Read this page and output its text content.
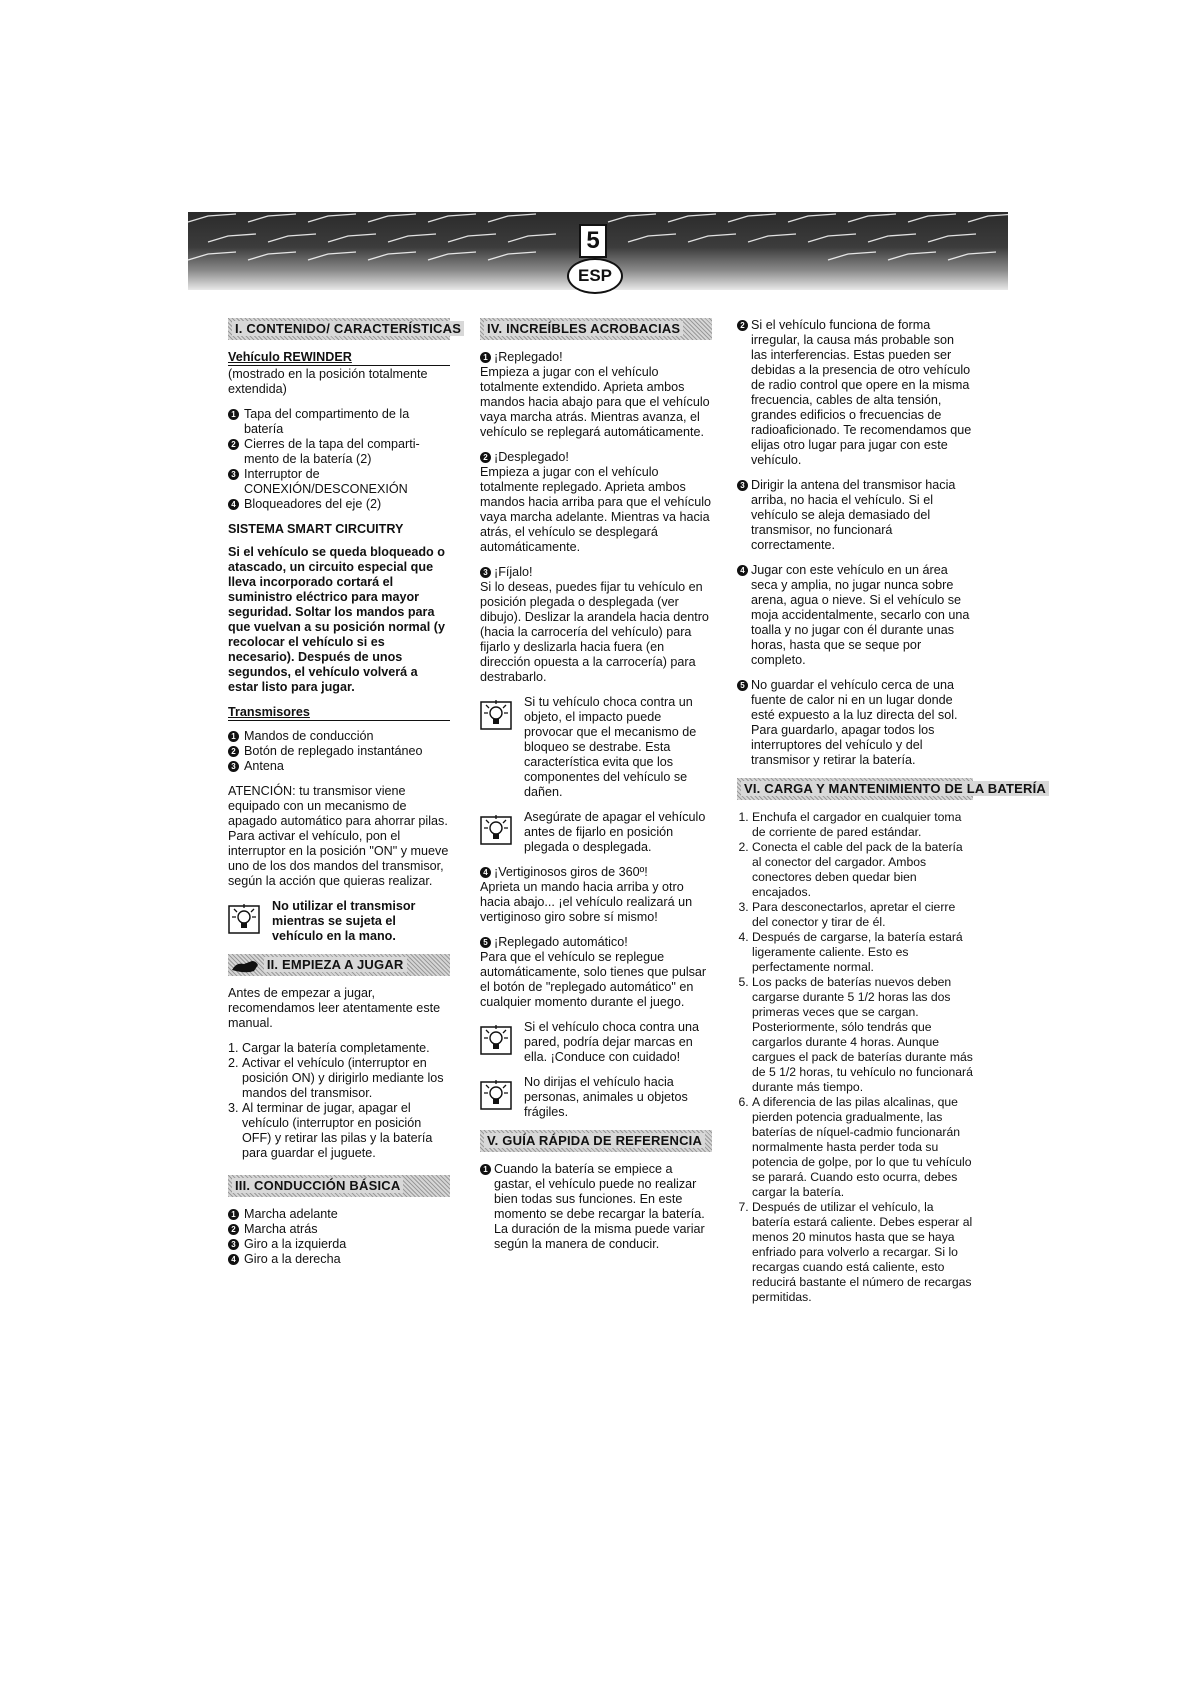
5
ESP
I. CONTENIDO/ CARACTERÍSTICAS
Vehículo REWINDER

(mostrado en la posición totalmente extendida)

1 Tapa del compartimento de la batería
2 Cierres de la tapa del comparti- mento de la batería (2)
3 Interruptor de CONEXIÓN/DESCONEXIÓN
4 Bloqueadores del eje (2)
SISTEMA SMART CIRCUITRY

Si el vehículo se queda bloqueado o atascado, un circuito especial que lleva incorporado cortará el suministro eléctrico para mayor seguridad. Soltar los mandos para que vuelvan a su posición normal (y recolocar el vehículo si es necesario). Después de unos segundos, el vehículo volverá a estar listo para jugar.

Transmisores
1 Mandos de conducción
2 Botón de replegado instantáneo
3 Antena

ATENCIÓN: tu transmisor viene equipado con un mecanismo de apagado automático para ahorrar pilas. Para activar el vehículo, pon el interruptor en la posición "ON" y mueve uno de los dos mandos del transmisor, según la acción que quieras realizar.

No utilizar el transmisor mientras se sujeta el vehículo en la mano.
II. EMPIEZA A JUGAR

Antes de empezar a jugar, recomendamos leer atentamente este manual.

1. Cargar la batería completamente.
2. Activar el vehículo (interruptor en posición ON) y dirigirlo mediante los mandos del transmisor.
3. Al terminar de jugar, apagar el vehículo (interruptor en posición OFF) y retirar las pilas y la batería para guardar el juguete.
III. CONDUCCIÓN BÁSICA
1 Marcha adelante
2 Marcha atrás
3 Giro a la izquierda
4 Giro a la derecha
IV. INCREÍBLES ACROBACIAS
1 ¡Replegado!

Empieza a jugar con el vehículo totalmente extendido. Aprieta ambos mandos hacia abajo para que el vehículo vaya marcha atrás. Mientras avanza, el vehículo se replegará automáticamente.

2 ¡Desplegado!

Empieza a jugar con el vehículo totalmente replegado. Aprieta ambos mandos hacia arriba para que el vehículo vaya marcha adelante. Mientras va hacia atrás, el vehículo se desplegará automáticamente.

3 ¡Fíjalo!

Si lo deseas, puedes fijar tu vehículo en posición plegada o desplegada (ver dibujo). Deslizar la arandela hacia dentro (hacia la carrocería del vehículo) para fijarlo y deslizarla hacia fuera (en dirección opuesta a la carrocería) para destrabarlo.

Si tu vehículo choca contra un objeto, el impacto puede provocar que el mecanismo de bloqueo se destrabe. Esta característica evita que los componentes del vehículo se dañen.
Asegúrate de apagar el vehículo antes de fijarlo en posición plegada o desplegada.
4 ¡Vertiginosos giros de 360º!

Aprieta un mando hacia arriba y otro hacia abajo... ¡el vehículo realizará un vertiginoso giro sobre sí mismo!

5 ¡Replegado automático!

Para que el vehículo se replegue automáticamente, solo tienes que pulsar el botón de "replegado automático" en cualquier momento durante el juego.

Si el vehículo choca contra una pared, podría dejar marcas en ella. ¡Conduce con cuidado!
No dirijas el vehículo hacia personas, animales u objetos frágiles.
V. GUÍA RÁPIDA DE REFERENCIA
1 Cuando la batería se empiece a gastar, el vehículo puede no realizar bien todas sus funciones. En este momento se debe recargar la batería. La duración de la misma puede variar según la manera de conducir.
2 Si el vehículo funciona de forma irregular, la causa más probable son las interferencias. Estas pueden ser debidas a la presencia de otro vehículo de radio control que opere en la misma frecuencia, cables de alta tensión, grandes edificios o frecuencias de radioaficionado. Te recomendamos que elijas otro lugar para jugar con este vehículo.
3 Dirigir la antena del transmisor hacia arriba, no hacia el vehículo. Si el vehículo se aleja demasiado del transmisor, no funcionará correctamente.
4 Jugar con este vehículo en un área seca y amplia, no jugar nunca sobre arena, agua o nieve. Si el vehículo se moja accidentalmente, secarlo con una toalla y no jugar con él durante unas horas, hasta que se seque por completo.
5 No guardar el vehículo cerca de una fuente de calor ni en un lugar donde esté expuesto a la luz directa del sol. Para guardarlo, apagar todos los interruptores del vehículo y del transmisor y retirar la batería.
VI. CARGA Y MANTENIMIENTO DE LA BATERÍA
1. Enchufa el cargador en cualquier toma de corriente de pared estándar.
2. Conecta el cable del pack de la batería al conector del cargador. Ambos conectores deben quedar bien encajados.
3. Para desconectarlos, apretar el cierre del conector y tirar de él.
4. Después de cargarse, la batería estará ligeramente caliente. Esto es perfectamente normal.
5. Los packs de baterías nuevos deben cargarse durante 5 1/2 horas las dos primeras veces que se cargan. Posteriormente, sólo tendrás que cargarlos durante 4 horas. Aunque cargues el pack de baterías durante más de 5 1/2 horas, tu vehículo no funcionará durante más tiempo.
6. A diferencia de las pilas alcalinas, que pierden potencia gradualmente, las baterías de níquel-cadmio funcionarán normalmente hasta perder toda su potencia de golpe, por lo que tu vehículo se parará. Cuando esto ocurra, debes cargar la batería.
7. Después de utilizar el vehículo, la batería estará caliente. Debes esperar al menos 20 minutos hasta que se haya enfriado para volverlo a recargar. Si lo recargas cuando está caliente, esto reducirá bastante el número de recargas permitidas.
